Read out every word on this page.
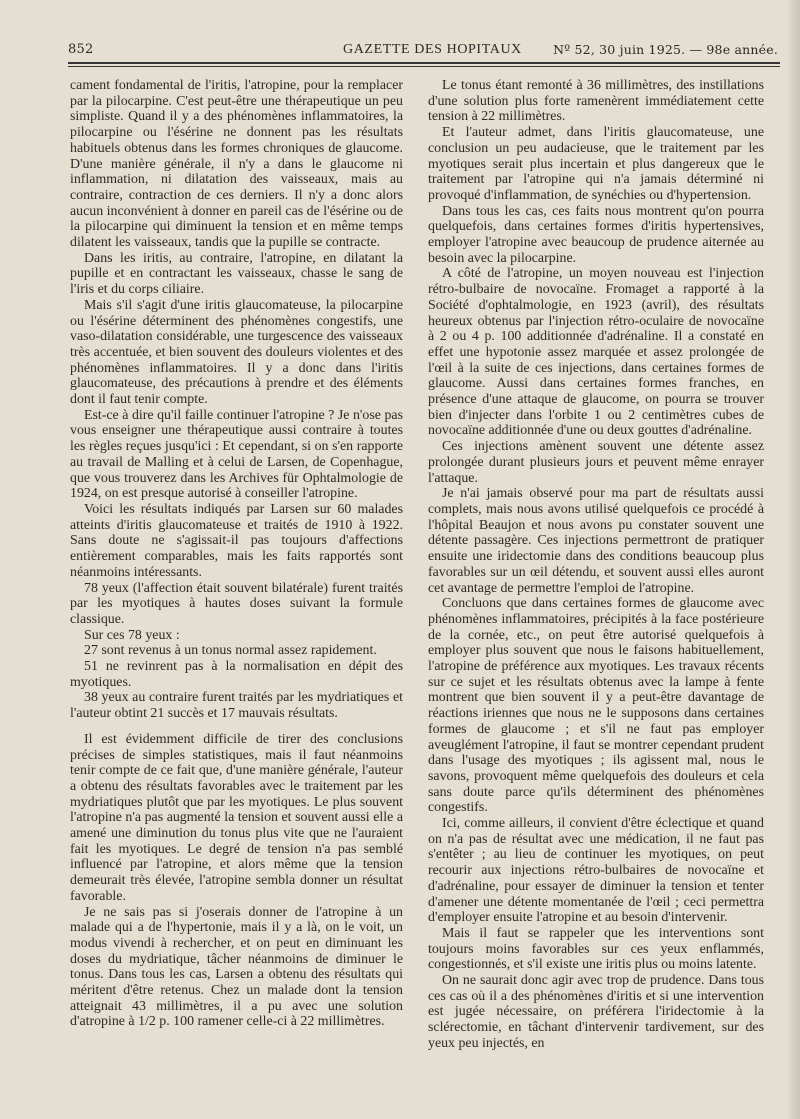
852	GAZETTE DES HOPITAUX Nº 52, 30 juin 1925. — 98e année.

cament fondamental de l'iritis, l'atropine, pour la remplacer par la pilocarpine. C'est peut-être une thérapeutique un peu simpliste. Quand il y a des phénomènes inflammatoires, la pilocarpine ou l'ésérine ne donnent pas les résultats habituels obtenus dans les formes chroniques de glaucome. D'une manière générale, il n'y a dans le glaucome ni inflammation, ni dilatation des vaisseaux, mais au contraire, contraction de ces derniers. Il n'y a donc alors aucun inconvénient à donner en pareil cas de l'ésérine ou de la pilocarpine qui diminuent la tension et en même temps dilatent les vaisseaux, tandis que la pupille se contracte.

Dans les iritis, au contraire, l'atropine, en dilatant la pupille et en contractant les vaisseaux, chasse le sang de l'iris et du corps ciliaire.

Mais s'il s'agit d'une iritis glaucomateuse, la pilocarpine ou l'ésérine déterminent des phénomènes congestifs, une vaso-dilatation considérable, une turgescence des vaisseaux très accentuée, et bien souvent des douleurs violentes et des phénomènes inflammatoires. Il y a donc dans l'iritis glaucomateuse, des précautions à prendre et des éléments dont il faut tenir compte.

Est-ce à dire qu'il faille continuer l'atropine ? Je n'ose pas vous enseigner une thérapeutique aussi contraire à toutes les règles reçues jusqu'ici : Et cependant, si on s'en rapporte au travail de Malling et à celui de Larsen, de Copenhague, que vous trouverez dans les Archives für Ophtalmologie de 1924, on est presque autorisé à conseiller l'atropine.

Voici les résultats indiqués par Larsen sur 60 malades atteints d'iritis glaucomateuse et traités de 1910 à 1922. Sans doute ne s'agissait-il pas toujours d'affections entièrement comparables, mais les faits rapportés sont néanmoins intéressants.

78 yeux (l'affection était souvent bilatérale) furent traités par les myotiques à hautes doses suivant la formule classique.

Sur ces 78 yeux :

27 sont revenus à un tonus normal assez rapidement.

51 ne revinrent pas à la normalisation en dépit des myotiques.

38 yeux au contraire furent traités par les mydriatiques et l'auteur obtint 21 succès et 17 mauvais résultats.

Il est évidemment difficile de tirer des conclusions précises de simples statistiques, mais il faut néanmoins tenir compte de ce fait que, d'une manière générale, l'auteur a obtenu des résultats favorables avec le traitement par les mydriatiques plutôt que par les myotiques. Le plus souvent l'atropine n'a pas augmenté la tension et souvent aussi elle a amené une diminution du tonus plus vite que ne l'auraient fait les myotiques. Le degré de tension n'a pas semblé influencé par l'atropine, et alors même que la tension demeurait très élevée, l'atropine sembla donner un résultat favorable.

Je ne sais pas si j'oserais donner de l'atropine à un malade qui a de l'hypertonie, mais il y a là, on le voit, un modus vivendi à rechercher, et on peut en diminuant les doses du mydriatique, tâcher néanmoins de diminuer le tonus. Dans tous les cas, Larsen a obtenu des résultats qui méritent d'être retenus. Chez un malade dont la tension atteignait 43 millimètres, il a pu avec une solution d'atropine à 1/2 p. 100 ramener celle-ci à 22 millimètres.

Le tonus étant remonté à 36 millimètres, des instillations d'une solution plus forte ramenèrent immédiatement cette tension à 22 millimètres.

Et l'auteur admet, dans l'iritis glaucomateuse, une conclusion un peu audacieuse, que le traitement par les myotiques serait plus incertain et plus dangereux que le traitement par l'atropine qui n'a jamais déterminé ni provoqué d'inflammation, de synéchies ou d'hypertension.

Dans tous les cas, ces faits nous montrent qu'on pourra quelquefois, dans certaines formes d'iritis hypertensives, employer l'atropine avec beaucoup de prudence aiternée au besoin avec la pilocarpine.

A côté de l'atropine, un moyen nouveau est l'injection rétro-bulbaire de novocaïne. Fromaget a rapporté à la Société d'ophtalmologie, en 1923 (avril), des résultats heureux obtenus par l'injection rétro-oculaire de novocaïne à 2 ou 4 p. 100 additionnée d'adrénaline. Il a constaté en effet une hypotonie assez marquée et assez prolongée de l'œil à la suite de ces injections, dans certaines formes de glaucome. Aussi dans certaines formes franches, en présence d'une attaque de glaucome, on pourra se trouver bien d'injecter dans l'orbite 1 ou 2 centimètres cubes de novocaïne additionnée d'une ou deux gouttes d'adrénaline.

Ces injections amènent souvent une détente assez prolongée durant plusieurs jours et peuvent même enrayer l'attaque.

Je n'ai jamais observé pour ma part de résultats aussi complets, mais nous avons utilisé quelquefois ce procédé à l'hôpital Beaujon et nous avons pu constater souvent une détente passagère. Ces injections permettront de pratiquer ensuite une iridectomie dans des conditions beaucoup plus favorables sur un œil détendu, et souvent aussi elles auront cet avantage de permettre l'emploi de l'atropine.

Concluons que dans certaines formes de glaucome avec phénomènes inflammatoires, précipités à la face postérieure de la cornée, etc., on peut être autorisé quelquefois à employer plus souvent que nous le faisons habituellement, l'atropine de préférence aux myotiques. Les travaux récents sur ce sujet et les résultats obtenus avec la lampe à fente montrent que bien souvent il y a peut-être davantage de réactions iriennes que nous ne le supposons dans certaines formes de glaucome ; et s'il ne faut pas employer aveuglément l'atropine, il faut se montrer cependant prudent dans l'usage des myotiques ; ils agissent mal, nous le savons, provoquent même quelquefois des douleurs et cela sans doute parce qu'ils déterminent des phénomènes congestifs.

Ici, comme ailleurs, il convient d'être éclectique et quand on n'a pas de résultat avec une médication, il ne faut pas s'entêter ; au lieu de continuer les myotiques, on peut recourir aux injections rétro-bulbaires de novocaïne et d'adrénaline, pour essayer de diminuer la tension et tenter d'amener une détente momentanée de l'œil ; ceci permettra d'employer ensuite l'atropine et au besoin d'intervenir.

Mais il faut se rappeler que les interventions sont toujours moins favorables sur ces yeux enflammés, congestionnés, et s'il existe une iritis plus ou moins latente.

On ne saurait donc agir avec trop de prudence. Dans tous ces cas où il a des phénomènes d'iritis et si une intervention est jugée nécessaire, on préférera l'iridectomie à la sclérectomie, en tâchant d'intervenir tardivement, sur des yeux peu injectés, en
